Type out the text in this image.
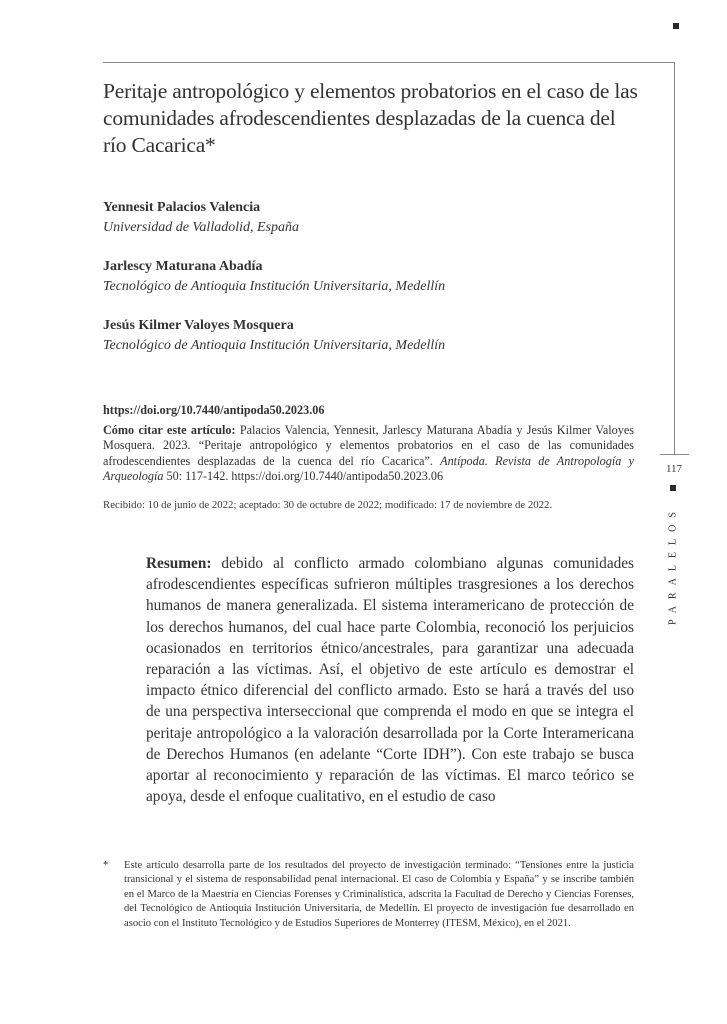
Peritaje antropológico y elementos probatorios en el caso de las comunidades afrodescendientes desplazadas de la cuenca del río Cacarica*
Yennesit Palacios Valencia
Universidad de Valladolid, España
Jarlescy Maturana Abadía
Tecnológico de Antioquia Institución Universitaria, Medellín
Jesús Kilmer Valoyes Mosquera
Tecnológico de Antioquia Institución Universitaria, Medellín
https://doi.org/10.7440/antipoda50.2023.06

Cómo citar este artículo: Palacios Valencia, Yennesit, Jarlescy Maturana Abadía y Jesús Kilmer Valoyes Mosquera. 2023. “Peritaje antropológico y elementos probatorios en el caso de las comunidades afrodescendientes desplazadas de la cuenca del río Cacarica”. Antípoda. Revista de Antropología y Arqueología 50: 117-142. https://doi.org/10.7440/antipoda50.2023.06

Recibido: 10 de junio de 2022; aceptado: 30 de octubre de 2022; modificado: 17 de noviembre de 2022.
117
PARALELOS

Resumen: debido al conflicto armado colombiano algunas comunidades afrodescendientes específicas sufrieron múltiples trasgresiones a los derechos humanos de manera generalizada. El sistema interamericano de protección de los derechos humanos, del cual hace parte Colombia, reconoció los perjuicios ocasionados en territorios étnico/ancestrales, para garantizar una adecuada reparación a las víctimas. Así, el objetivo de este artículo es demostrar el impacto étnico diferencial del conflicto armado. Esto se hará a través del uso de una perspectiva interseccional que comprenda el modo en que se integra el peritaje antropológico a la valoración desarrollada por la Corte Interamericana de Derechos Humanos (en adelante “Corte IDH”). Con este trabajo se busca aportar al reconocimiento y reparación de las víctimas. El marco teórico se apoya, desde el enfoque cualitativo, en el estudio de caso

* Este artículo desarrolla parte de los resultados del proyecto de investigación terminado: “Tensiones entre la justicia transicional y el sistema de responsabilidad penal internacional. El caso de Colombia y España” y se inscribe también en el Marco de la Maestría en Ciencias Forenses y Criminalística, adscrita la Facultad de Derecho y Ciencias Forenses, del Tecnológico de Antioquia Institución Universitaria, de Medellín. El proyecto de investigación fue desarrollado en asocio con el Instituto Tecnológico y de Estudios Superiores de Monterrey (ITESM, México), en el 2021.
